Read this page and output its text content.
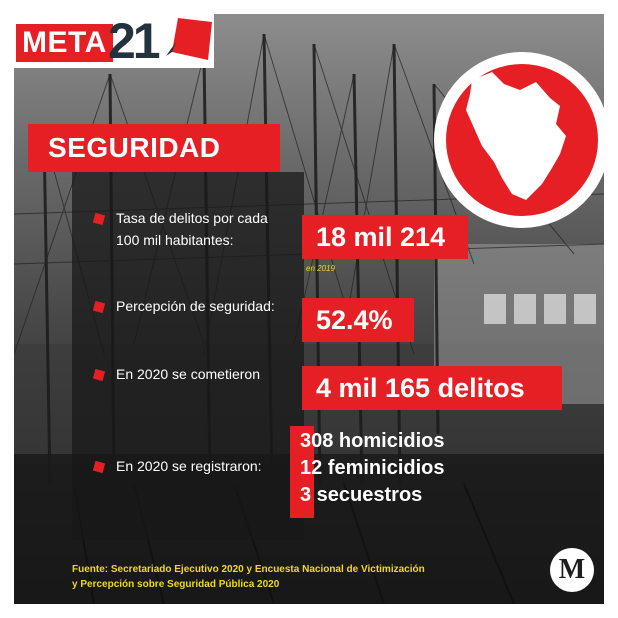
META 21
SEGURIDAD
Tasa de delitos por cada
100 mil habitantes:	18 mil 214
en 2019
Percepción de seguridad:	52.4%
En 2020 se cometieron	4 mil 165 delitos
En 2020 se registraron:
308 homicidios
12 feminicidios
3 secuestros
Fuente: Secretariado Ejecutivo 2020 y Encuesta Nacional de Victimización
y Percepción sobre Seguridad Pública 2020	M
